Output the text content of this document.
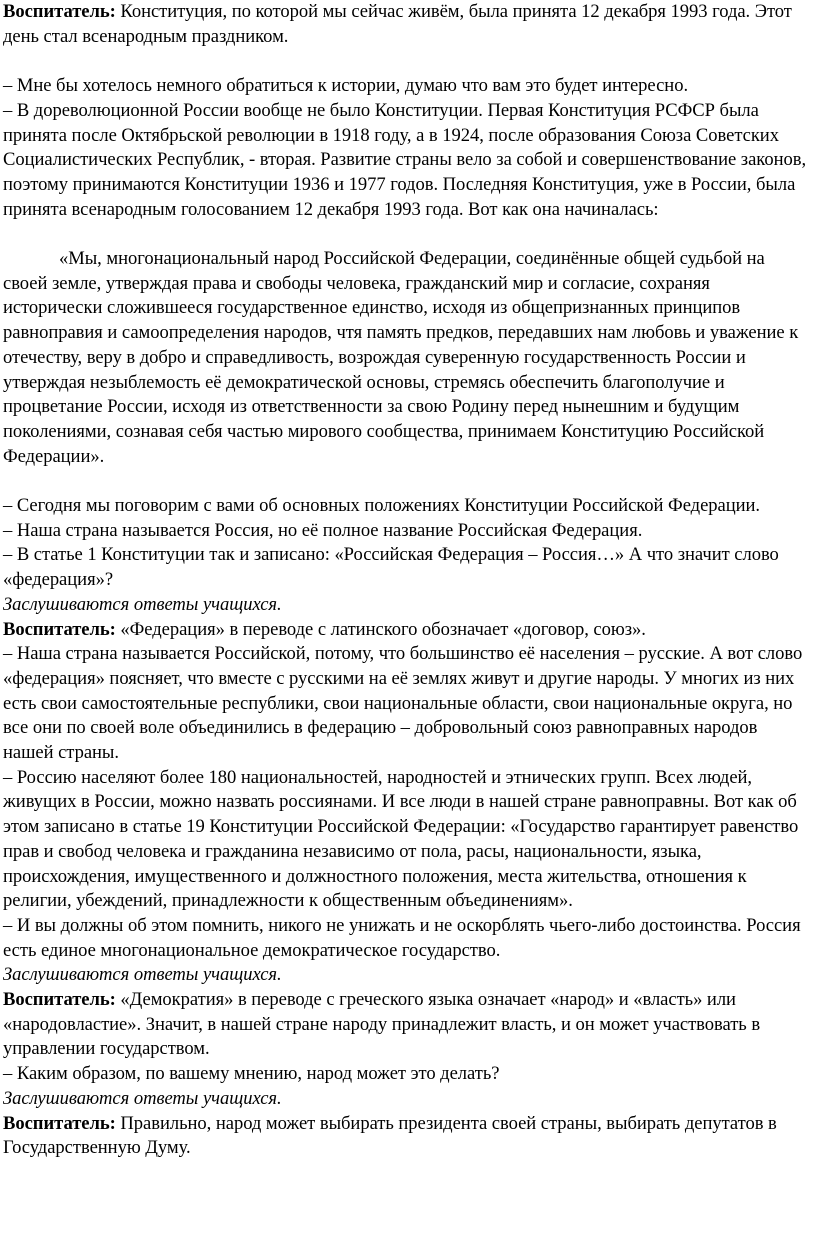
Воспитатель: Конституция, по которой мы сейчас живём, была принята 12 декабря 1993 года. Этот день стал всенародным праздником.

– Мне бы хотелось немного обратиться к истории, думаю что вам это будет интересно.

– В дореволюционной России вообще не было Конституции. Первая Конституция РСФСР была принята после Октябрьской революции в 1918 году, а в 1924, после образования Союза Советских Социалистических Республик, - вторая. Развитие страны вело за собой и совершенствование законов, поэтому принимаются Конституции 1936 и 1977 годов. Последняя Конституция, уже в России, была принята всенародным голосованием 12 декабря 1993 года. Вот как она начиналась:

«Мы, многонациональный народ Российской Федерации, соединённые общей судьбой на своей земле, утверждая права и свободы человека, гражданский мир и согласие, сохраняя исторически сложившееся государственное единство, исходя из общепризнанных принципов равноправия и самоопределения народов, чтя память предков, передавших нам любовь и уважение к отечеству, веру в добро и справедливость, возрождая суверенную государственность России и утверждая незыблемость её демократической основы, стремясь обеспечить благополучие и процветание России, исходя из ответственности за свою Родину перед нынешним и будущим поколениями, сознавая себя частью мирового сообщества, принимаем Конституцию Российской Федерации».

– Сегодня мы поговорим с вами об основных положениях Конституции Российской Федерации.

– Наша страна называется Россия, но её полное название Российская Федерация.

– В статье 1 Конституции так и записано: «Российская Федерация – Россия…» А что значит слово «федерация»?

Заслушиваются ответы учащихся.

Воспитатель: «Федерация» в переводе с латинского обозначает «договор, союз».

– Наша страна называется Российской, потому, что большинство её населения – русские. А вот слово «федерация» поясняет, что вместе с русскими на её землях живут и другие народы. У многих из них есть свои самостоятельные республики, свои национальные области, свои национальные округа, но все они по своей воле объединились в федерацию – добровольный союз равноправных народов нашей страны.

– Россию населяют более 180 национальностей, народностей и этнических групп. Всех людей, живущих в России, можно назвать россиянами. И все люди в нашей стране равноправны. Вот как об этом записано в статье 19 Конституции Российской Федерации: «Государство гарантирует равенство прав и свобод человека и гражданина независимо от пола, расы, национальности, языка, происхождения, имущественного и должностного положения, места жительства, отношения к религии, убеждений, принадлежности к общественным объединениям».

– И вы должны об этом помнить, никого не унижать и не оскорблять чьего-либо достоинства. Россия есть единое многонациональное демократическое государство.

Заслушиваются ответы учащихся.

Воспитатель: «Демократия» в переводе с греческого языка означает «народ» и «власть» или «народовластие». Значит, в нашей стране народу принадлежит власть, и он может участвовать в управлении государством.

– Каким образом, по вашему мнению, народ может это делать?

Заслушиваются ответы учащихся.

Воспитатель: Правильно, народ может выбирать президента своей страны, выбирать депутатов в Государственную Думу.
